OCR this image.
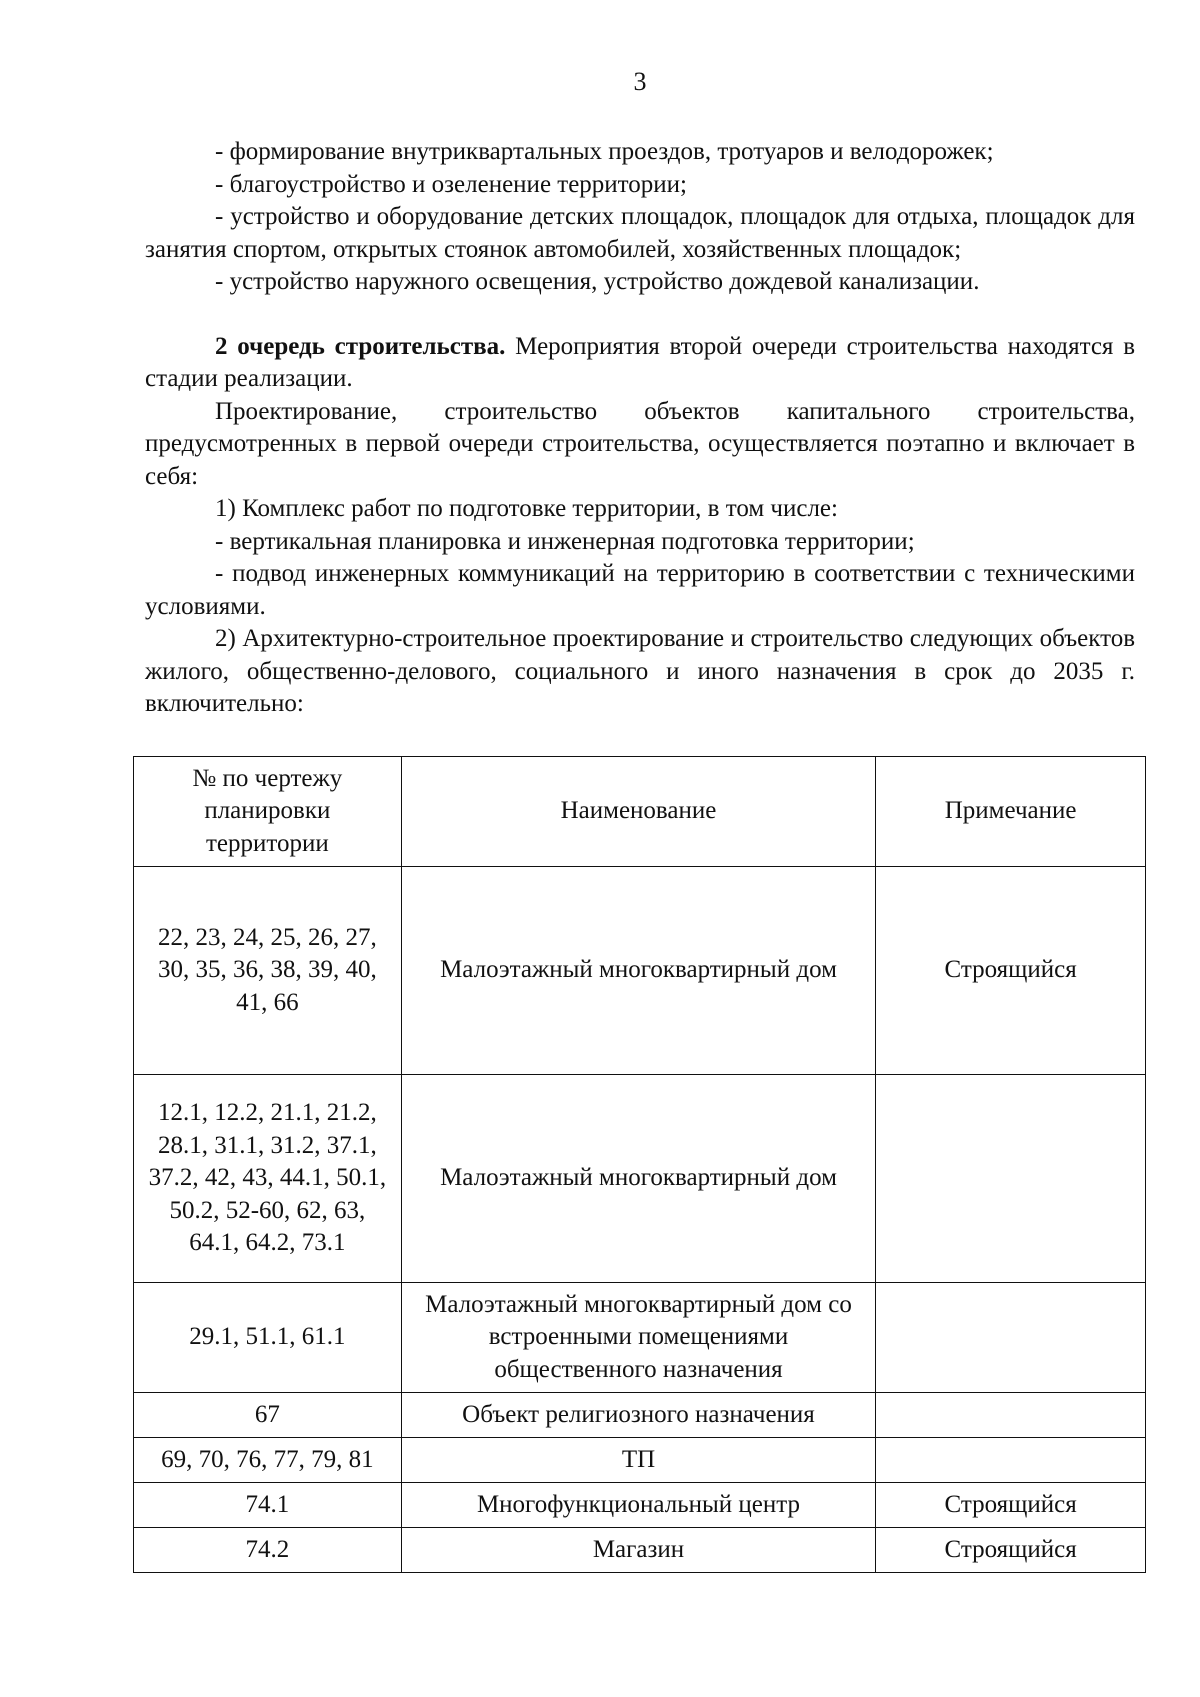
3

- формирование внутриквартальных проездов, тротуаров и велодорожек;

- благоустройство и озеленение территории;

- устройство и оборудование детских площадок, площадок для отдыха, площадок для занятия спортом, открытых стоянок автомобилей, хозяйственных площадок;

- устройство наружного освещения, устройство дождевой канализации.

2 очередь строительства. Мероприятия второй очереди строительства находятся в стадии реализации.

Проектирование, строительство объектов капитального строительства, предусмотренных в первой очереди строительства, осуществляется поэтапно и включает в себя:

1) Комплекс работ по подготовке территории, в том числе:

- вертикальная планировка и инженерная подготовка территории;

- подвод инженерных коммуникаций на территорию в соответствии с техническими условиями.

2) Архитектурно-строительное проектирование и строительство следующих объектов жилого, общественно-делового, социального и иного назначения в срок до 2035 г. включительно:

№ по чертежу планировки территории	Наименование	Примечание
22, 23, 24, 25, 26, 27, 30, 35, 36, 38, 39, 40, 41, 66	Малоэтажный многоквартирный дом	Строящийся
12.1, 12.2, 21.1, 21.2, 28.1, 31.1, 31.2, 37.1, 37.2, 42, 43, 44.1, 50.1, 50.2, 52-60, 62, 63, 64.1, 64.2, 73.1	Малоэтажный многоквартирный дом	
29.1, 51.1, 61.1	Малоэтажный многоквартирный дом со встроенными помещениями общественного назначения	
67	Объект религиозного назначения	
69, 70, 76, 77, 79, 81	ТП	
74.1	Многофункциональный центр	Строящийся
74.2	Магазин	Строящийся
